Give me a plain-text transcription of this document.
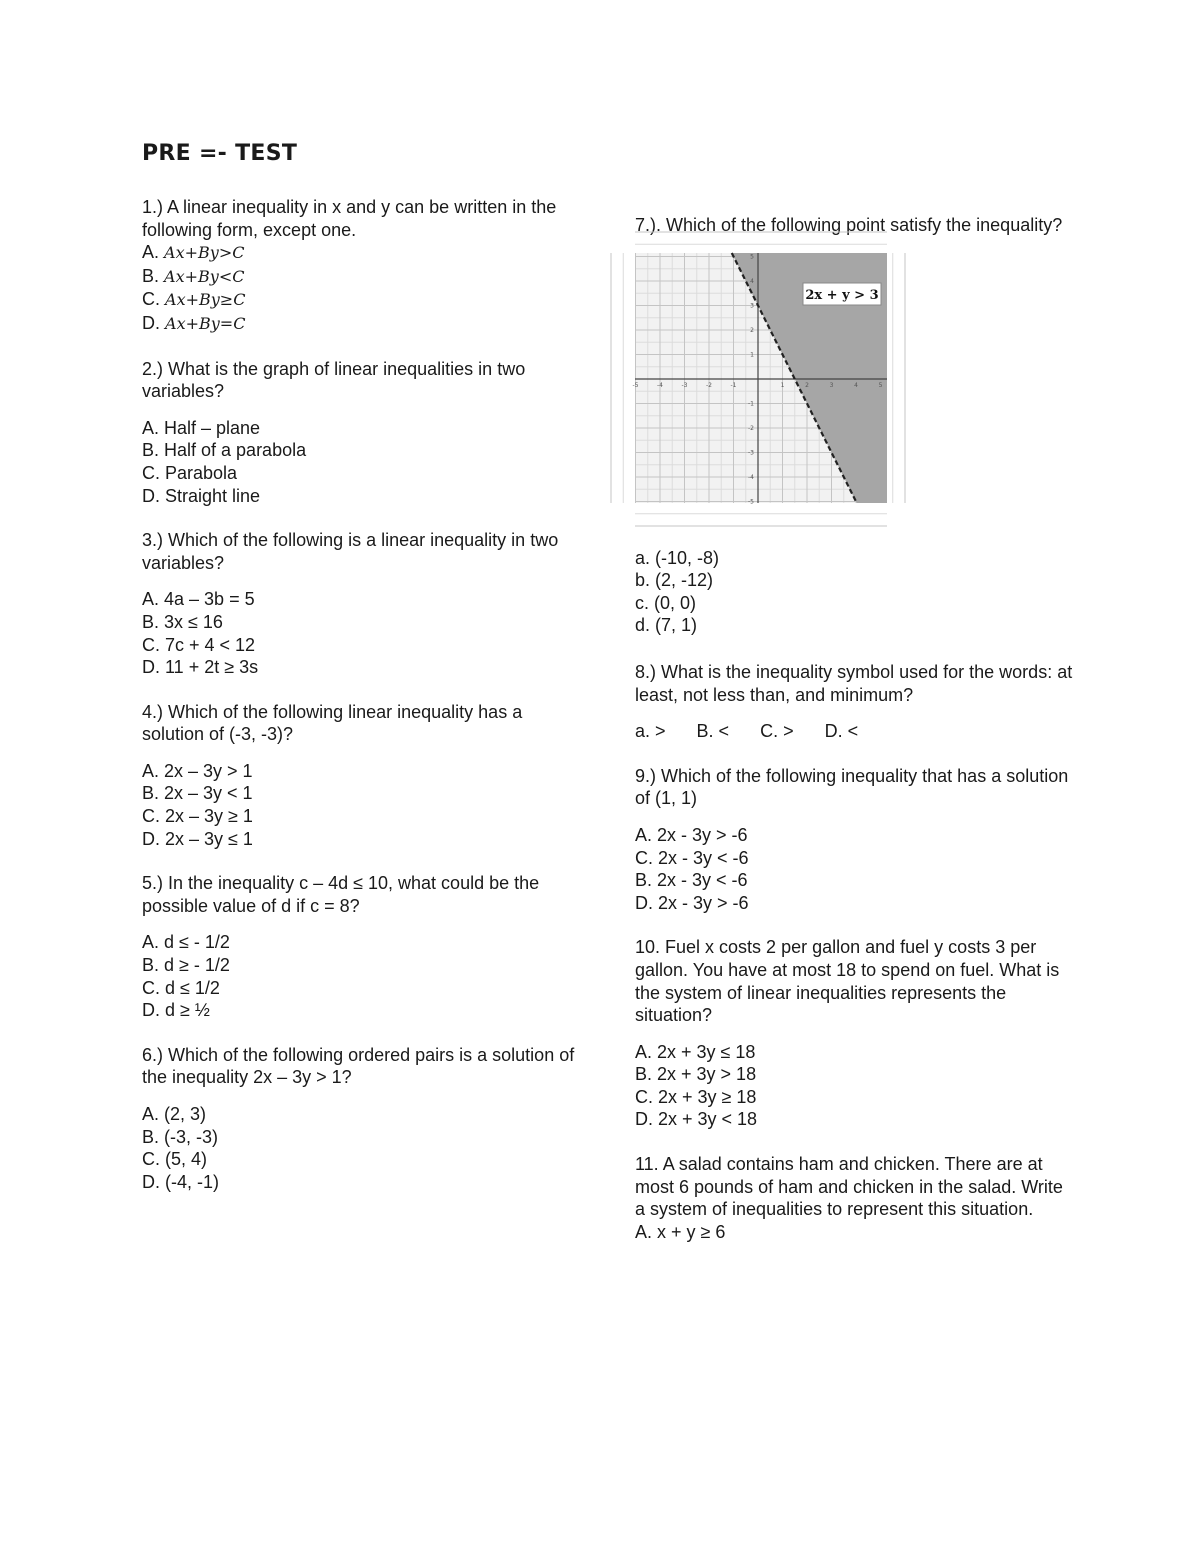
PRE =- TEST
1.) A linear inequality in x and y can be written in the following form, except one.
A. Ax+By>C
B. Ax+By<C
C. Ax+By≥C
D. Ax+By=C
2.) What is the graph of linear inequalities in two variables?
A. Half – plane
B. Half of a parabola
C. Parabola
D. Straight line
3.) Which of the following is a linear inequality in two variables?
A. 4a – 3b = 5
B. 3x ≤ 16
C. 7c + 4 < 12
D. 11 + 2t ≥ 3s
4.) Which of the following linear inequality has a solution of (-3, -3)?
A. 2x – 3y > 1
B. 2x – 3y < 1
C. 2x – 3y ≥ 1
D. 2x – 3y ≤ 1
5.) In the inequality c – 4d ≤ 10, what could be the possible value of d if c = 8?
A. d ≤ - 1/2
B. d ≥ - 1/2
C. d ≤ 1/2
D. d ≥ ½
6.) Which of the following ordered pairs is a solution of the inequality 2x – 3y > 1?
A. (2, 3)
B. (-3, -3)
C. (5, 4)
D. (-4, -1)
7.). Which of the following point satisfy the inequality?
-5	-4	-3	-2	-1	1	2	3	4	5
5
4
3
2
1
-1
-2
-3
-4
-5
2x + y > 3
a. (-10, -8)
b. (2, -12)
c. (0, 0)
d. (7, 1)
8.) What is the inequality symbol used for the words: at least, not less than, and minimum?
a. > B. < C. > D. <
9.) Which of the following inequality that has a solution of (1, 1)
A. 2x - 3y > -6
C. 2x - 3y < -6
B. 2x - 3y < -6
D. 2x - 3y > -6
10. Fuel x costs 2 per gallon and fuel y costs 3 per gallon. You have at most 18 to spend on fuel. What is the system of linear inequalities represents the situation?
A. 2x + 3y ≤ 18
B. 2x + 3y > 18
C. 2x + 3y ≥ 18
D. 2x + 3y < 18
11. A salad contains ham and chicken. There are at most 6 pounds of ham and chicken in the salad. Write a system of inequalities to represent this situation.
A. x + y ≥ 6
